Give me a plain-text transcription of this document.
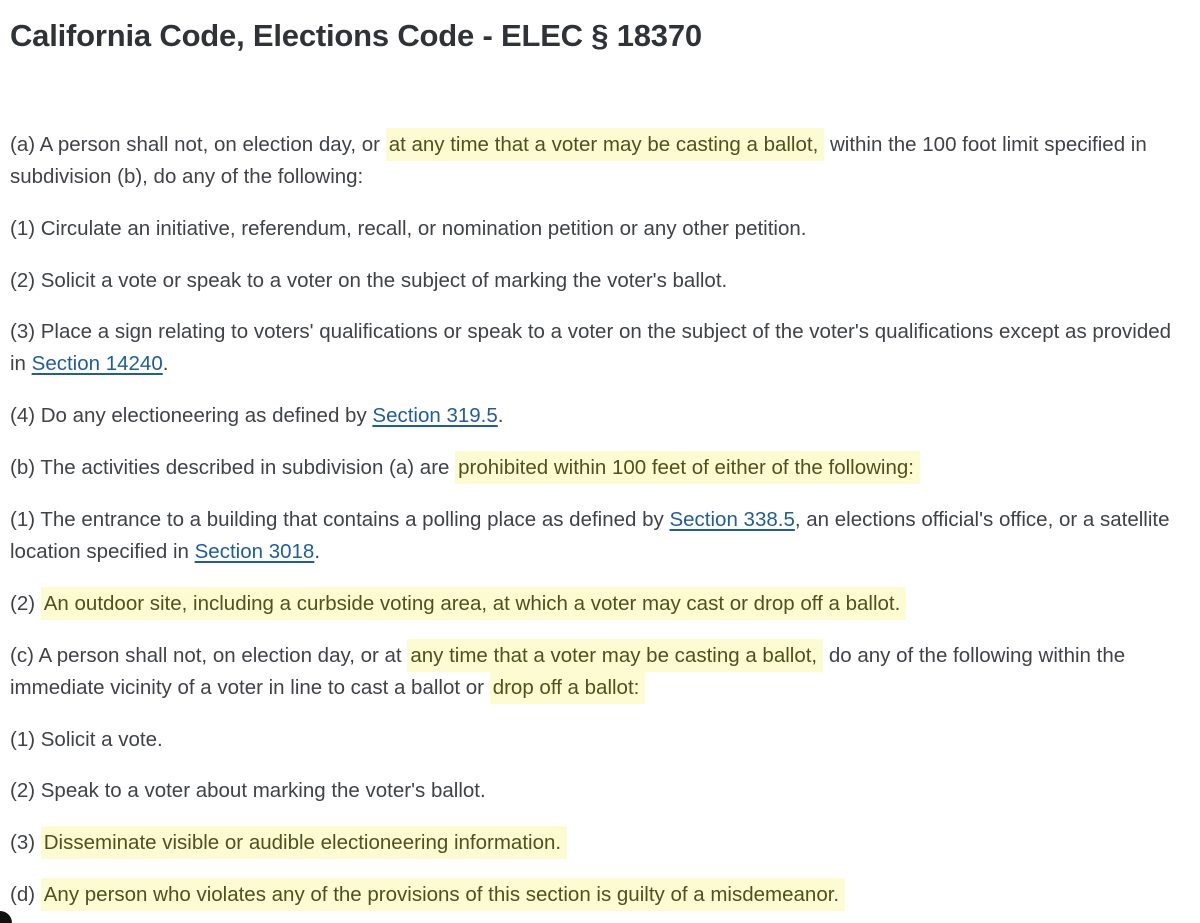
California Code, Elections Code - ELEC § 18370

(a) A person shall not, on election day, or at any time that a voter may be casting a ballot, within the 100 foot limit specified in subdivision (b), do any of the following:

(1) Circulate an initiative, referendum, recall, or nomination petition or any other petition.

(2) Solicit a vote or speak to a voter on the subject of marking the voter's ballot.

(3) Place a sign relating to voters' qualifications or speak to a voter on the subject of the voter's qualifications except as provided in Section 14240.

(4) Do any electioneering as defined by Section 319.5.

(b) The activities described in subdivision (a) are prohibited within 100 feet of either of the following:

(1) The entrance to a building that contains a polling place as defined by Section 338.5, an elections official's office, or a satellite location specified in Section 3018.

(2) An outdoor site, including a curbside voting area, at which a voter may cast or drop off a ballot.

(c) A person shall not, on election day, or at any time that a voter may be casting a ballot, do any of the following within the immediate vicinity of a voter in line to cast a ballot or drop off a ballot:

(1) Solicit a vote.

(2) Speak to a voter about marking the voter's ballot.

(3) Disseminate visible or audible electioneering information.

(d) Any person who violates any of the provisions of this section is guilty of a misdemeanor.
